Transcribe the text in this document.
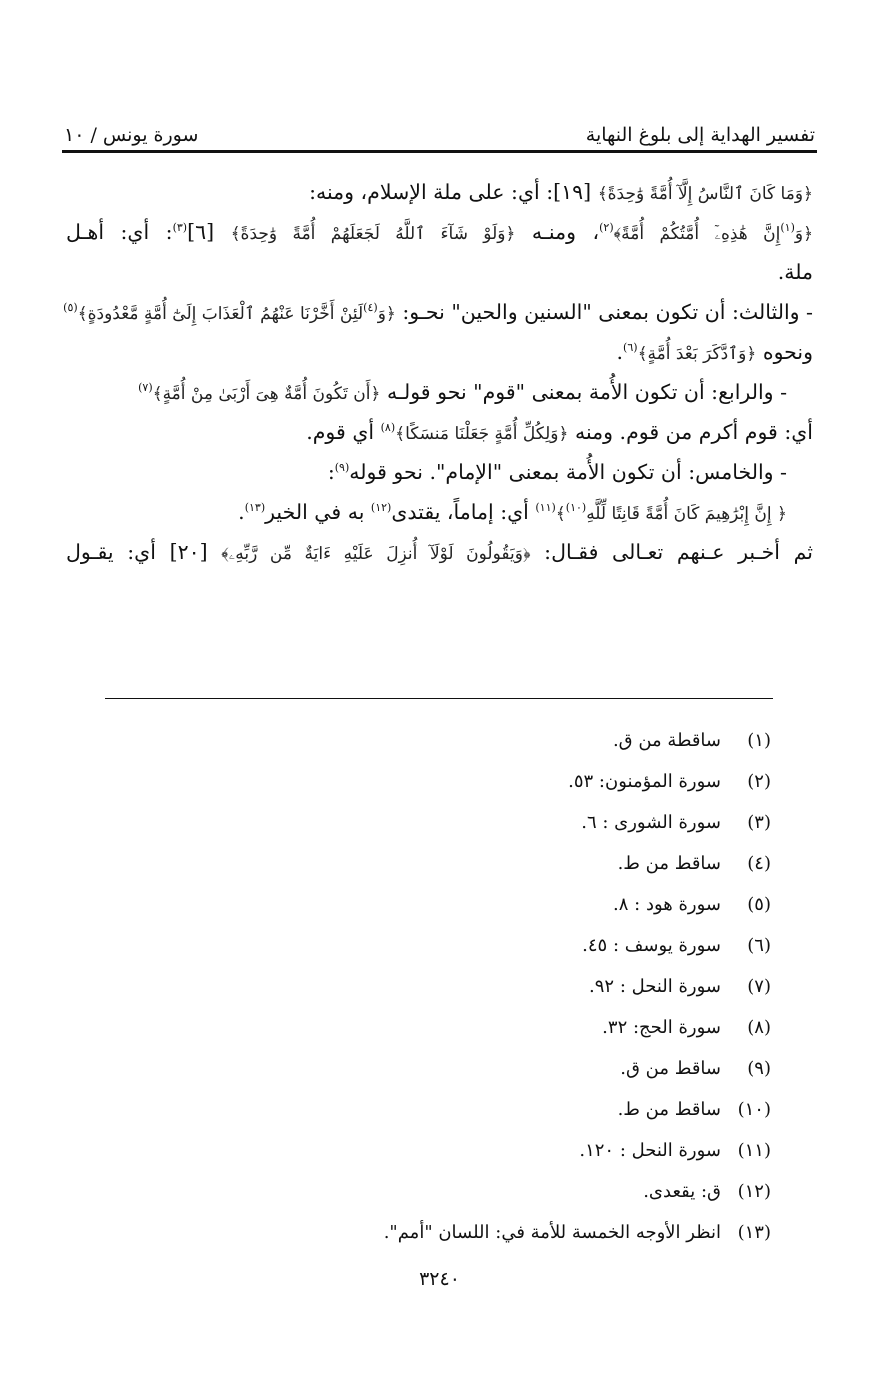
تفسير الهداية إلى بلوغ النهاية
سورة يونس / ١٠
﴿وَمَا كَانَ ٱلنَّاسُ إِلَّآ أُمَّةً وَٰحِدَةً﴾ [١٩]: أي: على ملة الإسلام، ومنه:
﴿وَ$^{(١)}$إِنَّ هَٰذِهِۦٓ أُمَّتُكُمْ أُمَّةً﴾$^{(٢)}$، ومنـه ﴿وَلَوْ شَآءَ ٱللَّهُ لَجَعَلَهُمْ أُمَّةً وَٰحِدَةً﴾ [٦]$^{(٣)}$: أي: أهـل
ملة.
- والثالث: أن تكون بمعنى "السنين والحين" نحـو: ﴿وَ$^{(٤)}$لَئِنْ أَخَّرْنَا عَنْهُمُ ٱلْعَذَابَ إِلَىٰٓ أُمَّةٍ مَّعْدُودَةٍ﴾$^{(٥)}$
ونحوه ﴿وَٱدَّكَرَ بَعْدَ أُمَّةٍ﴾$^{(٦)}$.
- والرابع: أن تكون الأُمة بمعنى "قوم" نحو قولـه ﴿أَن تَكُونَ أُمَّةٌ هِىَ أَرْبَىٰ مِنْ أُمَّةٍ﴾$^{(٧)}$
أي: قوم أكرم من قوم. ومنه ﴿وَلِكُلِّ أُمَّةٍ جَعَلْنَا مَنسَكًا﴾$^{(٨)}$ أي قوم.
- والخامس: أن تكون الأُمة بمعنى "الإمام". نحو قوله$^{(٩)}$:
﴿ إِنَّ إِبْرَٰهِيمَ كَانَ أُمَّةً قَانِتًا لِّلَّهِ$^{(١٠)}$﴾$^{(١١)}$ أي: إماماً، يقتدى$^{(١٢)}$ به في الخير$^{(١٣)}$.
ثم أخـبر عـنهم تعـالى فقـال: ﴿وَيَقُولُونَ لَوْلَآ أُنزِلَ عَلَيْهِ ءَايَةٌ مِّن رَّبِّهِۦ﴾ [٢٠] أي: يقـول
(١)
ساقطة من ق.
(٢)
سورة المؤمنون: ٥٣.
(٣)
سورة الشورى : ٦.
(٤)
ساقط من ط.
(٥)
سورة هود : ٨.
(٦)
سورة يوسف : ٤٥.
(٧)
سورة النحل : ٩٢.
(٨)
سورة الحج: ٣٢.
(٩)
ساقط من ق.
(١٠)
ساقط من ط.
(١١)
سورة النحل : ١٢٠.
(١٢)
ق: يقعدى.
(١٣)
انظر الأوجه الخمسة للأمة في: اللسان "أمم".
٣٢٤٠
